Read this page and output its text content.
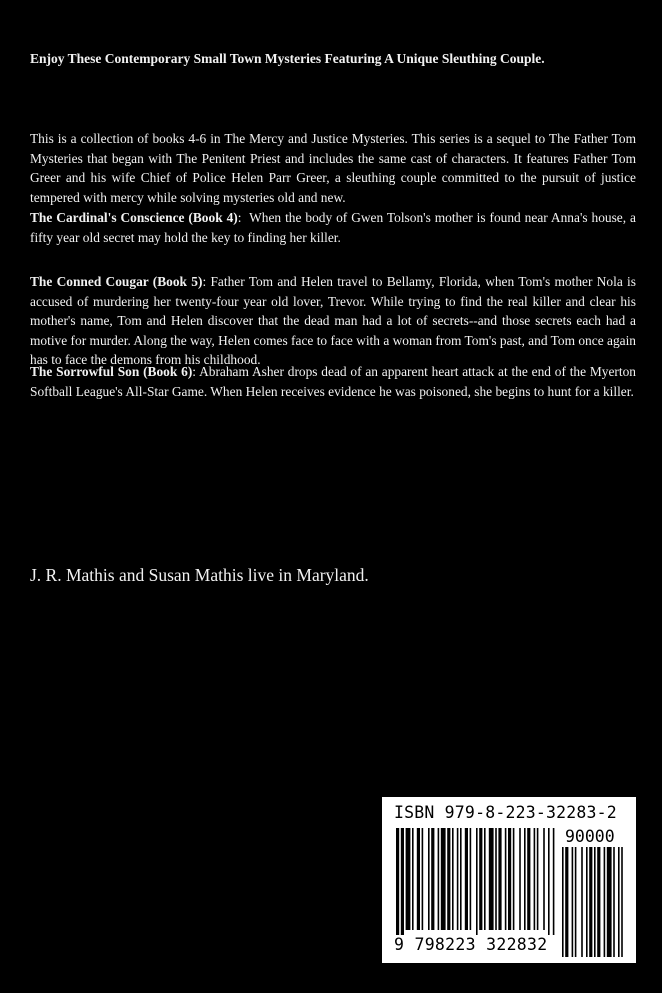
Enjoy These Contemporary Small Town Mysteries Featuring A Unique Sleuthing Couple.

This is a collection of books 4-6 in The Mercy and Justice Mysteries. This series is a sequel to The Father Tom Mysteries that began with The Penitent Priest and includes the same cast of characters. It features Father Tom Greer and his wife Chief of Police Helen Parr Greer, a sleuthing couple committed to the pursuit of justice tempered with mercy while solving mysteries old and new.

The Cardinal's Conscience (Book 4):  When the body of Gwen Tolson's mother is found near Anna's house, a fifty year old secret may hold the key to finding her killer.

The Conned Cougar (Book 5): Father Tom and Helen travel to Bellamy, Florida, when Tom's mother Nola is accused of murdering her twenty-four year old lover, Trevor. While trying to find the real killer and clear his mother's name, Tom and Helen discover that the dead man had a lot of secrets--and those secrets each had a motive for murder. Along the way, Helen comes face to face with a woman from Tom's past, and Tom once again has to face the demons from his childhood.

The Sorrowful Son (Book 6): Abraham Asher drops dead of an apparent heart attack at the end of the Myerton Softball League's All-Star Game. When Helen receives evidence he was poisoned, she begins to hunt for a killer.

J. R. Mathis and Susan Mathis live in Maryland.

ISBN 979-8-223-32283-2
90000
9 798223 322832
